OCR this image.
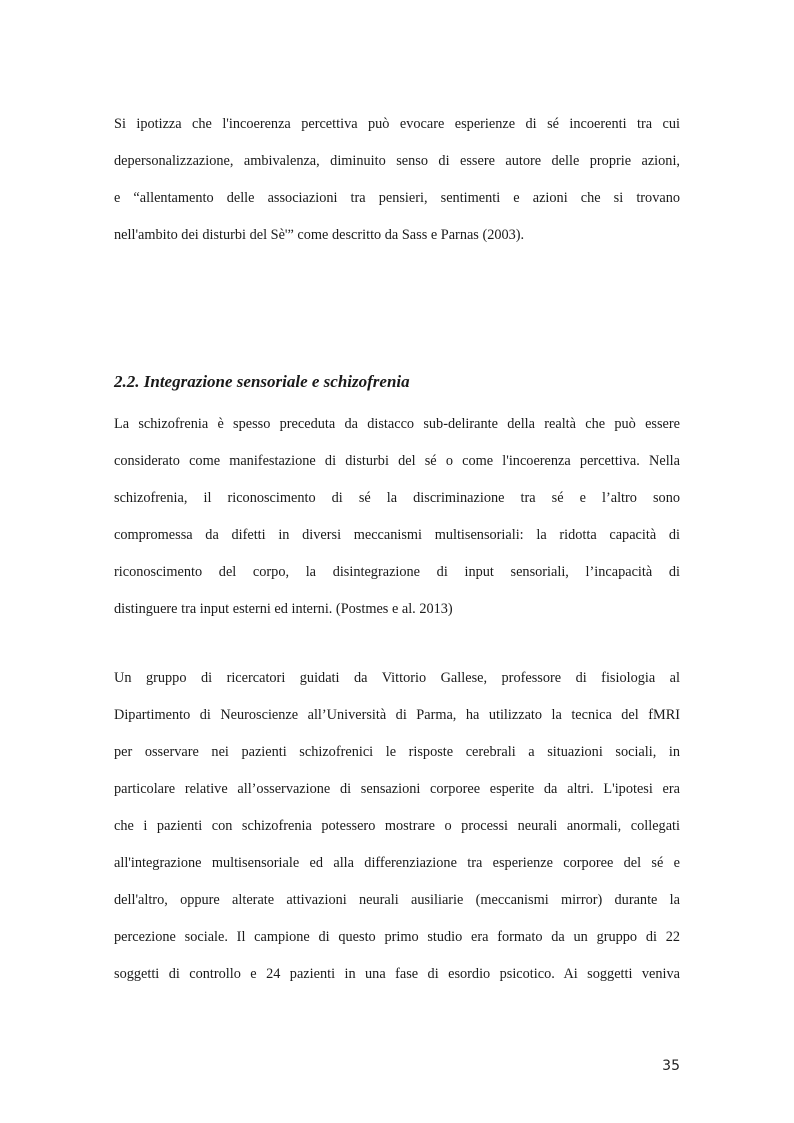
Si ipotizza che l'incoerenza percettiva può evocare esperienze di sé incoerenti tra cui
depersonalizzazione, ambivalenza, diminuito senso di essere autore delle proprie azioni,
e “allentamento delle associazioni tra pensieri, sentimenti e azioni che si trovano
nell'ambito dei disturbi del Sè'” come descritto da Sass e Parnas (2003).
2.2. Integrazione sensoriale e schizofrenia
La schizofrenia è spesso preceduta da distacco sub-delirante della realtà che può essere
considerato come manifestazione di disturbi del sé o come l'incoerenza percettiva. Nella
schizofrenia, il riconoscimento di sé la discriminazione tra sé e l’altro sono
compromessa da difetti in diversi meccanismi multisensoriali: la ridotta capacità di
riconoscimento del corpo, la disintegrazione di input sensoriali, l’incapacità di
distinguere tra input esterni ed interni. (Postmes e al. 2013)
Un gruppo di ricercatori guidati da Vittorio Gallese, professore di fisiologia al
Dipartimento di Neuroscienze all’Università di Parma, ha utilizzato la tecnica del fMRI
per osservare nei pazienti schizofrenici le risposte cerebrali a situazioni sociali, in
particolare relative all’osservazione di sensazioni corporee esperite da altri. L'ipotesi era
che i pazienti con schizofrenia potessero mostrare o processi neurali anormali, collegati
all'integrazione multisensoriale ed alla differenziazione tra esperienze corporee del sé e
dell'altro, oppure alterate attivazioni neurali ausiliarie (meccanismi mirror) durante la
percezione sociale. Il campione di questo primo studio era formato da un gruppo di 22
soggetti di controllo e 24 pazienti in una fase di esordio psicotico. Ai soggetti veniva
35
